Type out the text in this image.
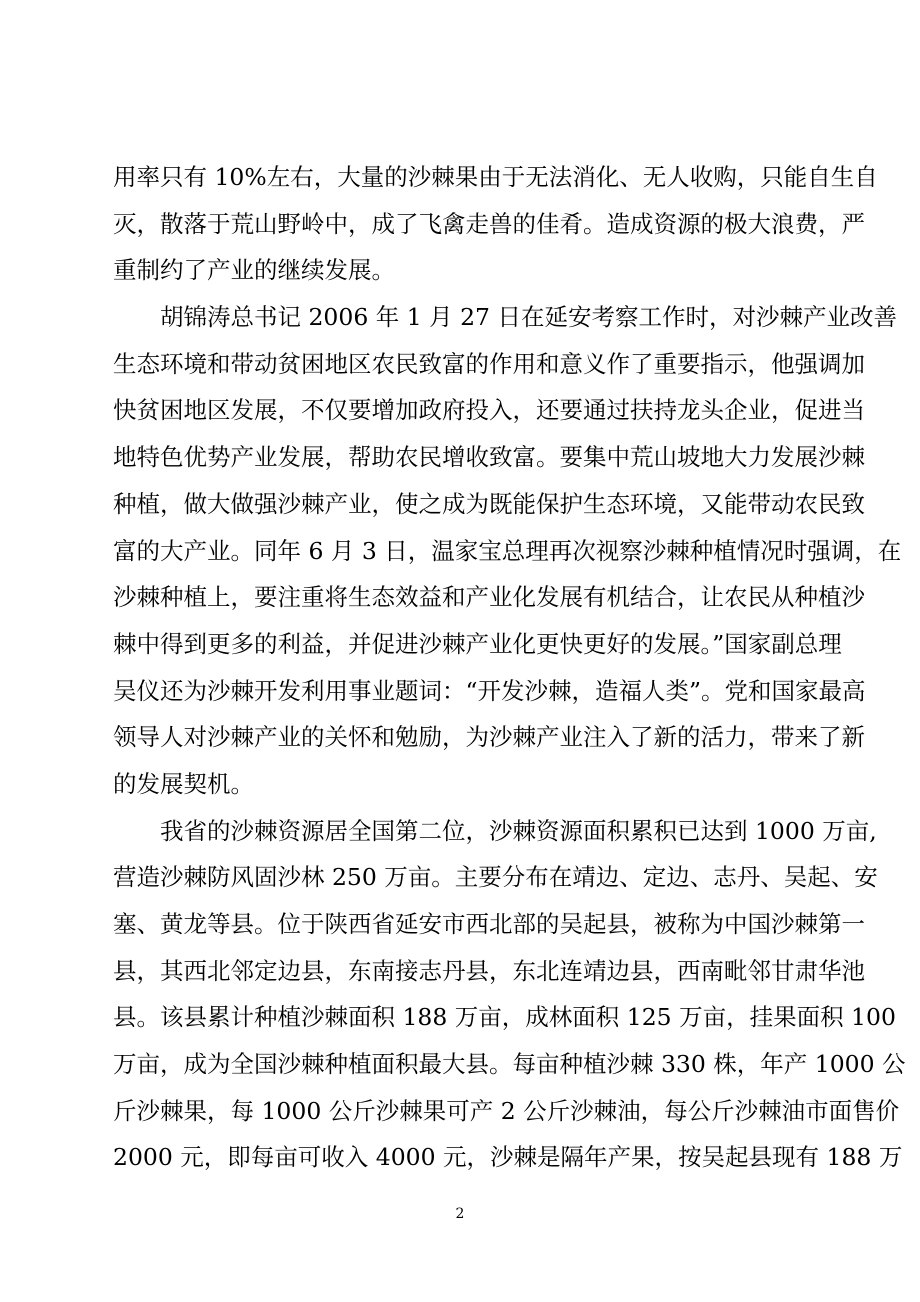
用率只有 10%左右，大量的沙棘果由于无法消化、无人收购，只能自生自
灭，散落于荒山野岭中，成了飞禽走兽的佳肴。造成资源的极大浪费，严
重制约了产业的继续发展。
胡锦涛总书记 2006 年 1 月 27 日在延安考察工作时，对沙棘产业改善
生态环境和带动贫困地区农民致富的作用和意义作了重要指示，他强调加
快贫困地区发展，不仅要增加政府投入，还要通过扶持龙头企业，促进当
地特色优势产业发展，帮助农民增收致富。要集中荒山坡地大力发展沙棘
种植，做大做强沙棘产业，使之成为既能保护生态环境，又能带动农民致
富的大产业。同年 6 月 3 日，温家宝总理再次视察沙棘种植情况时强调，在
沙棘种植上，要注重将生态效益和产业化发展有机结合，让农民从种植沙
棘中得到更多的利益，并促进沙棘产业化更快更好的发展。”国家副总理
吴仪还为沙棘开发利用事业题词：“开发沙棘，造福人类”。党和国家最高
领导人对沙棘产业的关怀和勉励，为沙棘产业注入了新的活力，带来了新
的发展契机。
我省的沙棘资源居全国第二位，沙棘资源面积累积已达到 1000 万亩,
营造沙棘防风固沙林 250 万亩。主要分布在靖边、定边、志丹、吴起、安
塞、黄龙等县。位于陕西省延安市西北部的吴起县，被称为中国沙棘第一
县，其西北邻定边县，东南接志丹县，东北连靖边县，西南毗邻甘肃华池
县。该县累计种植沙棘面积 188 万亩，成林面积 125 万亩，挂果面积 100
万亩，成为全国沙棘种植面积最大县。每亩种植沙棘 330 株，年产 1000 公
斤沙棘果，每 1000 公斤沙棘果可产 2 公斤沙棘油，每公斤沙棘油市面售价
2000 元，即每亩可收入 4000 元，沙棘是隔年产果，按吴起县现有 188 万
2
